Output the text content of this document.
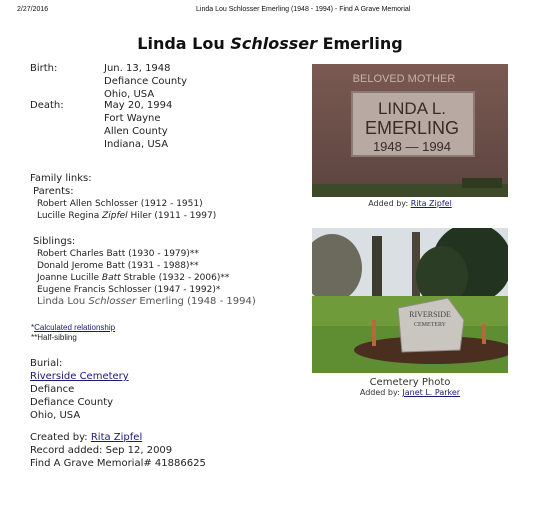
2/27/2016	Linda Lou Schlosser Emerling (1948 - 1994) - Find A Grave Memorial
Linda Lou Schlosser Emerling
Birth:	Jun. 13, 1948
Defiance County
Ohio, USA
Death:	May 20, 1994
Fort Wayne
Allen County
Indiana, USA
Family links:
Parents:
Robert Allen Schlosser (1912 - 1951)
Lucille Regina Zipfel Hiler (1911 - 1997)
Siblings:
Robert Charles Batt (1930 - 1979)**
Donald Jerome Batt (1931 - 1988)**
Joanne Lucille Batt Strable (1932 - 2006)**
Eugene Francis Schlosser (1947 - 1992)*
Linda Lou Schlosser Emerling (1948 - 1994)
*Calculated relationship
**Half-sibling
Burial:
Riverside Cemetery
Defiance
Defiance County
Ohio, USA
Created by: Rita Zipfel
Record added: Sep 12, 2009
Find A Grave Memorial# 41886625
BELOVED MOTHER
LINDA L.
EMERLING
1948 — 1994
Added by: Rita Zipfel
RIVERSIDE
CEMETERY
Cemetery Photo
Added by: Janet L. Parker
